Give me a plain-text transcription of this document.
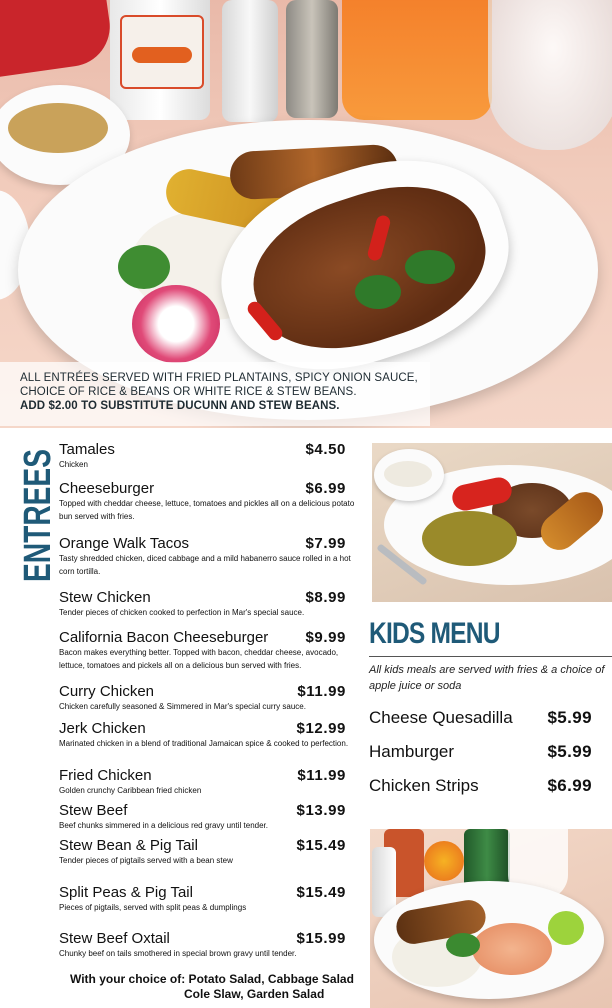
ALL ENTRÉES SERVED WITH FRIED PLANTAINS, SPICY ONION SAUCE,

CHOICE OF RICE & BEANS OR WHITE RICE & STEW BEANS.

ADD $2.00 TO SUBSTITUTE DUCUNN AND STEW BEANS.

ENTREES Tamales	$4.50
Chicken
Cheeseburger	$6.99
Topped with cheddar cheese, lettuce, tomatoes and pickles all on a delicious potato bun served with fries.
Orange Walk Tacos	$7.99
Tasty shredded chicken, diced cabbage and a mild habanerro sauce rolled in a hot corn tortilla.
Stew Chicken	$8.99
Tender pieces of chicken cooked to perfection in Mar's special sauce.
California Bacon Cheeseburger $9.99
Bacon makes everything better. Topped with bacon, cheddar cheese, avocado, lettuce, tomatoes and pickels all on a delicious bun served with fries.
Curry Chicken	$11.99
Chicken carefully seasoned & Simmered in Mar's special curry sauce.
Jerk Chicken	$12.99
Marinated chicken in a blend of traditional Jamaican spice & cooked to perfection.
Fried Chicken	$11.99
Golden crunchy Caribbean fried chicken
Stew Beef	$13.99
Beef chunks simmered in a delicious red gravy until tender.
Stew Bean & Pig Tail	$15.49
Tender pieces of pigtails served with a bean stew
Split Peas & Pig Tail	$15.49
Pieces of pigtails, served with split peas & dumplings
Stew Beef Oxtail	$15.99
Chunky beef on tails smothered in special brown gravy until tender.
With your choice of: Potato Salad, Cabbage Salad
Cole Slaw, Garden Salad
KIDS MENU
All kids meals are served with fries & a choice of apple juice or soda
Cheese Quesadilla $5.99
Hamburger	$5.99
Chicken Strips	$6.99
